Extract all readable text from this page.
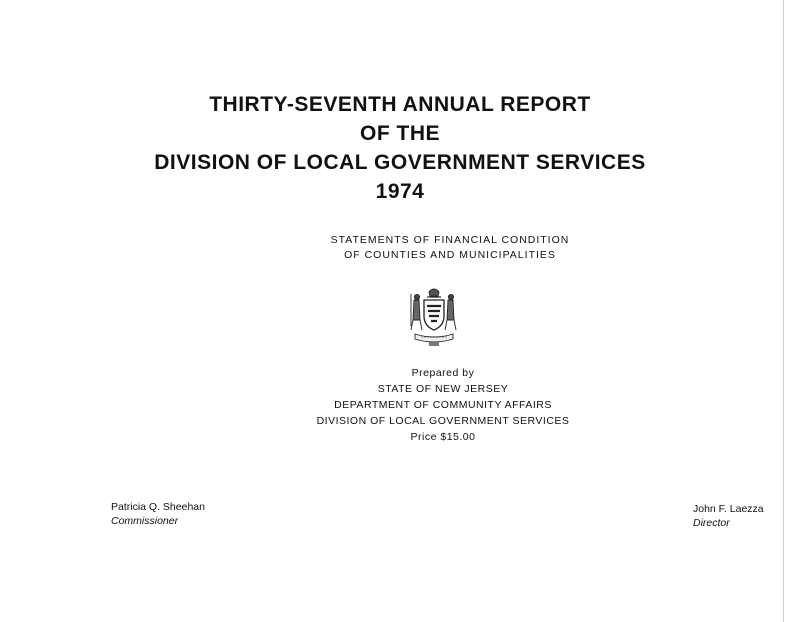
THIRTY-SEVENTH ANNUAL REPORT
OF THE
DIVISION OF LOCAL GOVERNMENT SERVICES
1974
STATEMENTS OF FINANCIAL CONDITION
OF COUNTIES AND MUNICIPALITIES
Prepared by
STATE OF NEW JERSEY
DEPARTMENT OF COMMUNITY AFFAIRS
DIVISION OF LOCAL GOVERNMENT SERVICES
Price $15.00
Patricia Q. Sheehan
Commissioner
John F. Laezza
Director
